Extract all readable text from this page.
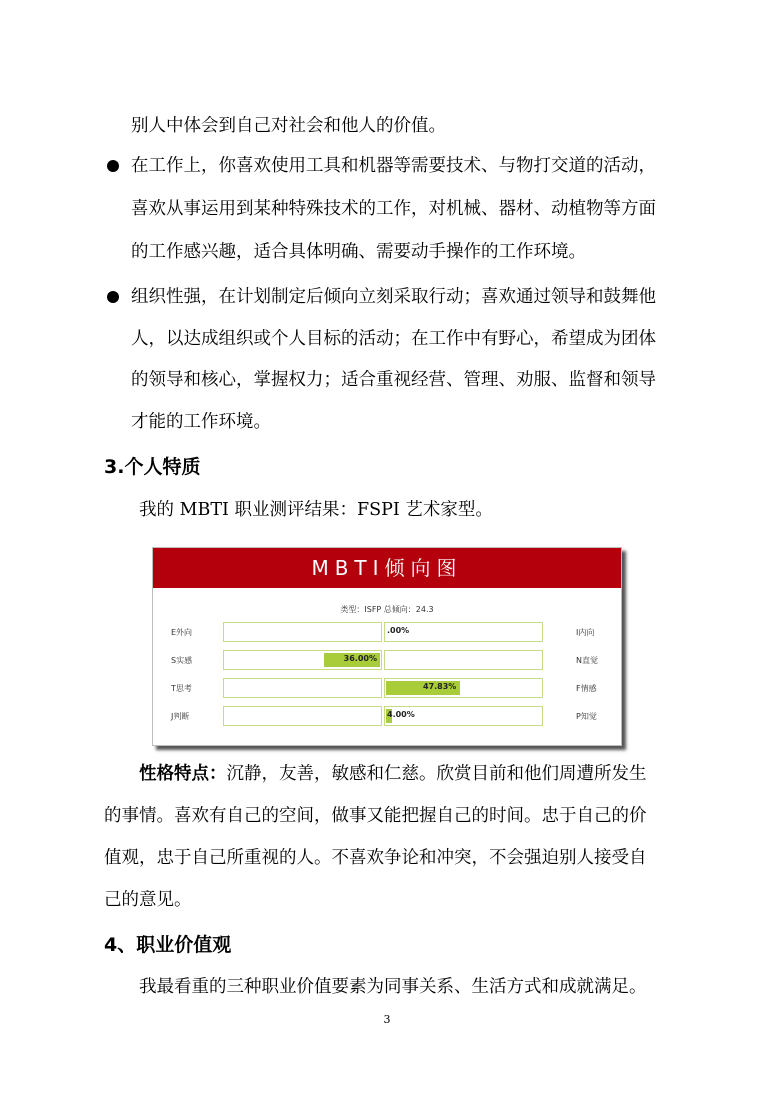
别人中体会到自己对社会和他人的价值。
在工作上，你喜欢使用工具和机器等需要技术、与物打交道的活动，
喜欢从事运用到某种特殊技术的工作，对机械、器材、动植物等方面
的工作感兴趣，适合具体明确、需要动手操作的工作环境。
组织性强，在计划制定后倾向立刻采取行动；喜欢通过领导和鼓舞他
人，以达成组织或个人目标的活动；在工作中有野心，希望成为团体
的领导和核心，掌握权力；适合重视经营、管理、劝服、监督和领导
才能的工作环境。
3.个人特质
我的 MBTI 职业测评结果：FSPI 艺术家型。
MBTI倾向图
类型：ISFP 总倾向：24.3
E外向	.00%	I内向
S实感	36.00%	N直觉
T思考	47.83%	F情感
J判断	4.00%	P知觉
性格特点：沉静，友善，敏感和仁慈。欣赏目前和他们周遭所发生
的事情。喜欢有自己的空间，做事又能把握自己的时间。忠于自己的价
值观，忠于自己所重视的人。不喜欢争论和冲突，不会强迫别人接受自
己的意见。
4、职业价值观
我最看重的三种职业价值要素为同事关系、生活方式和成就满足。
3
